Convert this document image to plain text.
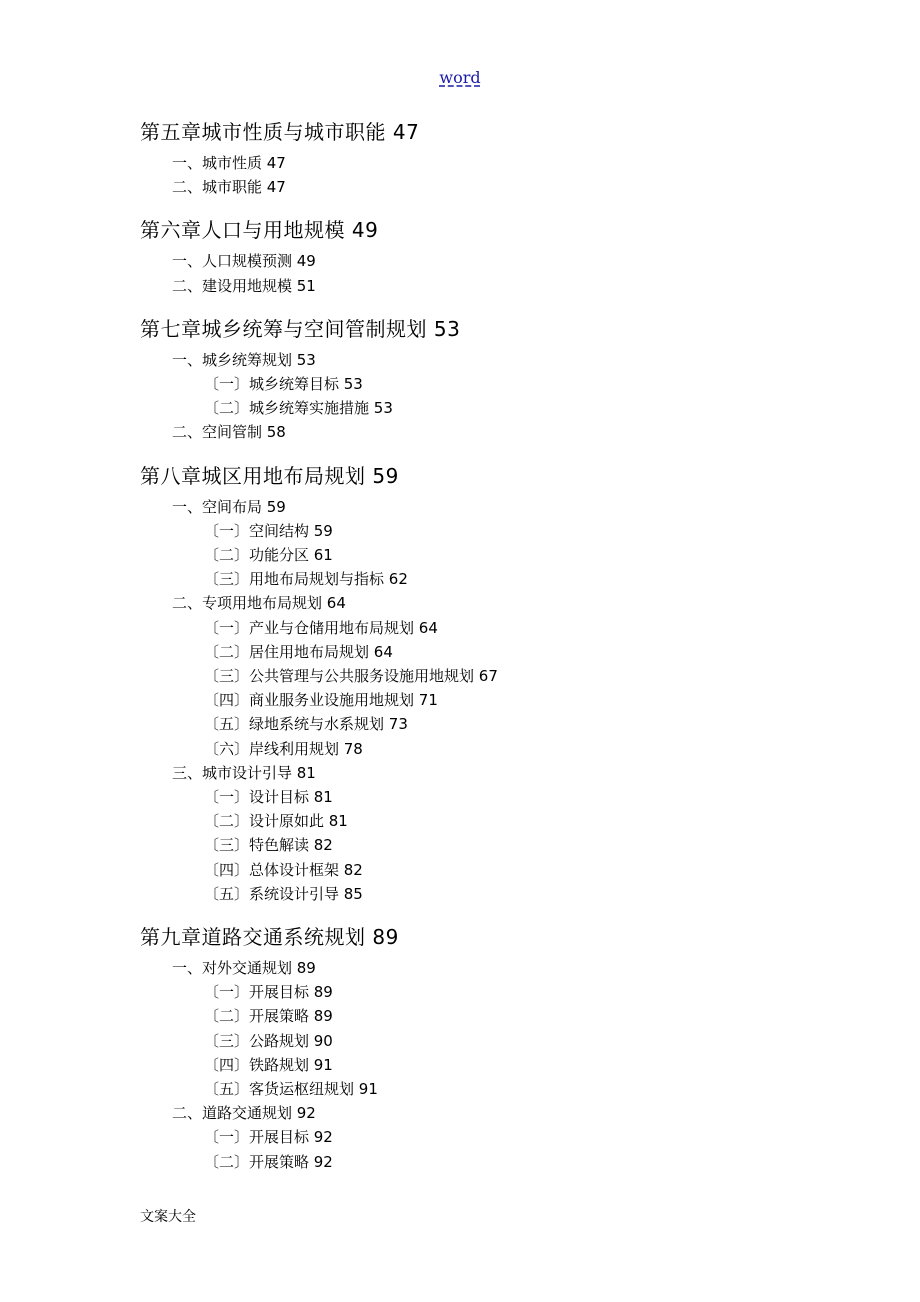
word
第五章城市性质与城市职能 47
一、城市性质 47
二、城市职能 47
第六章人口与用地规模 49
一、人口规模预测 49
二、建设用地规模 51
第七章城乡统筹与空间管制规划 53
一、城乡统筹规划 53
〔一〕城乡统筹目标 53
〔二〕城乡统筹实施措施 53
二、空间管制 58
第八章城区用地布局规划 59
一、空间布局 59
〔一〕空间结构 59
〔二〕功能分区 61
〔三〕用地布局规划与指标 62
二、专项用地布局规划 64
〔一〕产业与仓储用地布局规划 64
〔二〕居住用地布局规划 64
〔三〕公共管理与公共服务设施用地规划 67
〔四〕商业服务业设施用地规划 71
〔五〕绿地系统与水系规划 73
〔六〕岸线利用规划 78
三、城市设计引导 81
〔一〕设计目标 81
〔二〕设计原如此 81
〔三〕特色解读 82
〔四〕总体设计框架 82
〔五〕系统设计引导 85
第九章道路交通系统规划 89
一、对外交通规划 89
〔一〕开展目标 89
〔二〕开展策略 89
〔三〕公路规划 90
〔四〕铁路规划 91
〔五〕客货运枢纽规划 91
二、道路交通规划 92
〔一〕开展目标 92
〔二〕开展策略 92
文案大全
